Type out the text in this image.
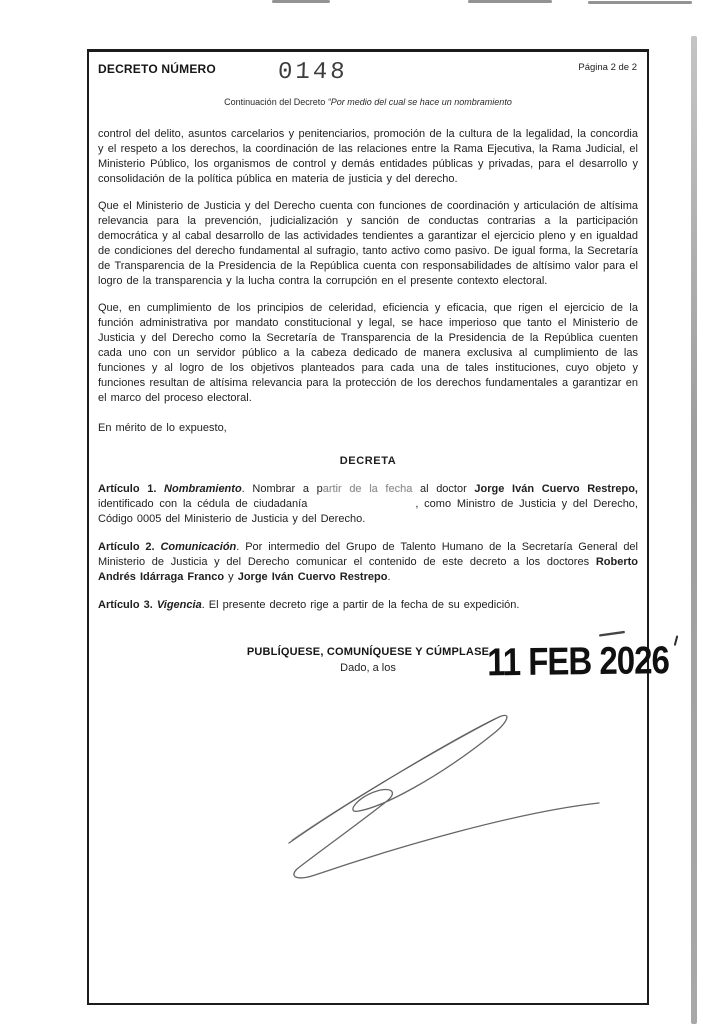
DECRETO NÚMERO	0148	Página 2 de 2
Continuación del Decreto “Por medio del cual se hace un nombramiento

control del delito, asuntos carcelarios y penitenciarios, promoción de la cultura de la legalidad, la concordia y el respeto a los derechos, la coordinación de las relaciones entre la Rama Ejecutiva, la Rama Judicial, el Ministerio Público, los organismos de control y demás entidades públicas y privadas, para el desarrollo y consolidación de la política pública en materia de justicia y del derecho.

Que el Ministerio de Justicia y del Derecho cuenta con funciones de coordinación y articulación de altísima relevancia para la prevención, judicialización y sanción de conductas contrarias a la participación democrática y al cabal desarrollo de las actividades tendientes a garantizar el ejercicio pleno y en igualdad de condiciones del derecho fundamental al sufragio, tanto activo como pasivo. De igual forma, la Secretaría de Transparencia de la Presidencia de la República cuenta con responsabilidades de altísimo valor para el logro de la transparencia y la lucha contra la corrupción en el presente contexto electoral.

Que, en cumplimiento de los principios de celeridad, eficiencia y eficacia, que rigen el ejercicio de la función administrativa por mandato constitucional y legal, se hace imperioso que tanto el Ministerio de Justicia y del Derecho como la Secretaría de Transparencia de la Presidencia de la República cuenten cada uno con un servidor público a la cabeza dedicado de manera exclusiva al cumplimiento de las funciones y al logro de los objetivos planteados para cada una de tales instituciones, cuyo objeto y funciones resultan de altísima relevancia para la protección de los derechos fundamentales a garantizar en el marco del proceso electoral.

En mérito de lo expuesto,

DECRETA

Artículo 1. Nombramiento. Nombrar a partir de la fecha al doctor Jorge Iván Cuervo Restrepo, identificado con la cédula de ciudadanía	, como Ministro de Justicia y del Derecho, Código 0005 del Ministerio de Justicia y del Derecho.

Artículo 2. Comunicación. Por intermedio del Grupo de Talento Humano de la Secretaría General del Ministerio de Justicia y del Derecho comunicar el contenido de este decreto a los doctores Roberto Andrés Idárraga Franco y Jorge Iván Cuervo Restrepo.

Artículo 3. Vigencia. El presente decreto rige a partir de la fecha de su expedición.

PUBLÍQUESE, COMUNÍQUESE Y CÚMPLASE
Dado, a los	11 FEB 2026
